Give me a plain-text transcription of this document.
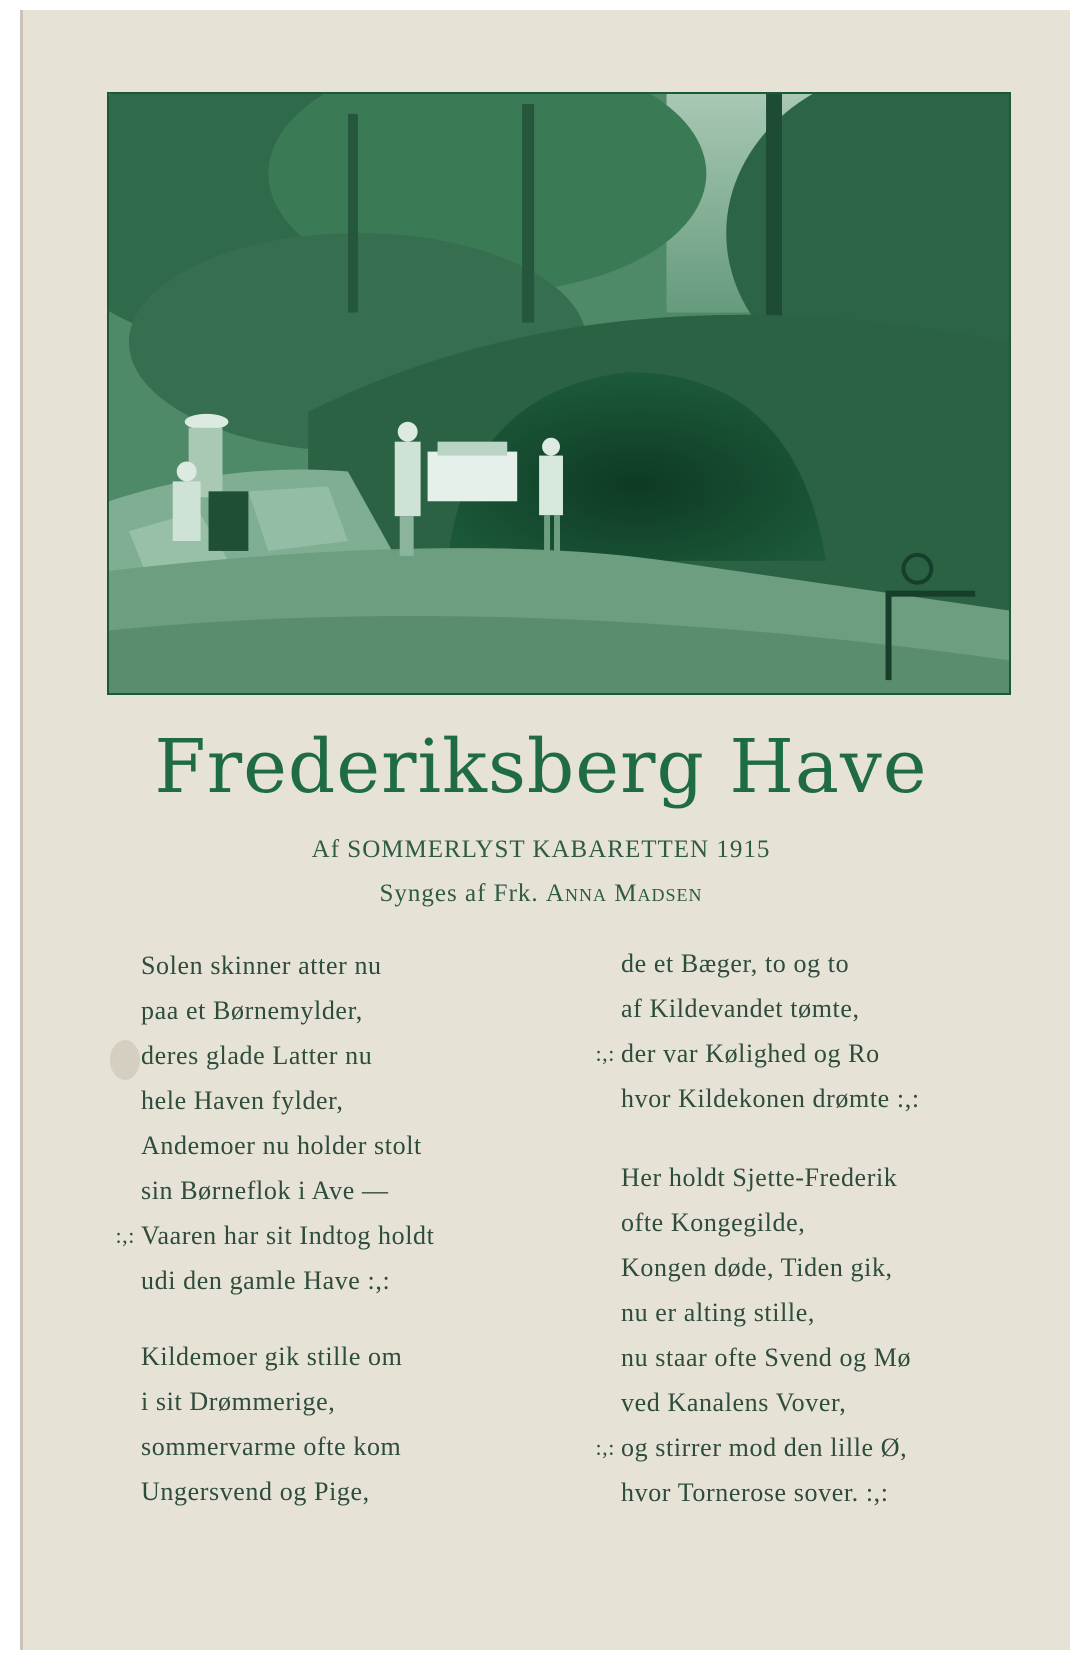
Frederiksberg Have
Af SOMMERLYST KABARETTEN 1915
Synges af Frk. Anna Madsen
Solen skinner atter nu
paa et Børnemylder,
deres glade Latter nu
hele Haven fylder,
Andemoer nu holder stolt
sin Børneflok i Ave —
:,: Vaaren har sit Indtog holdt
udi den gamle Have :,:
Kildemoer gik stille om
i sit Drømmerige,
sommervarme ofte kom
Ungersvend og Pige,
de et Bæger, to og to
af Kildevandet tømte,
:,: der var Kølighed og Ro
hvor Kildekonen drømte :,:
Her holdt Sjette-Frederik
ofte Kongegilde,
Kongen døde, Tiden gik,
nu er alting stille,
nu staar ofte Svend og Mø
ved Kanalens Vover,
:,: og stirrer mod den lille Ø,
hvor Tornerose sover. :,:
